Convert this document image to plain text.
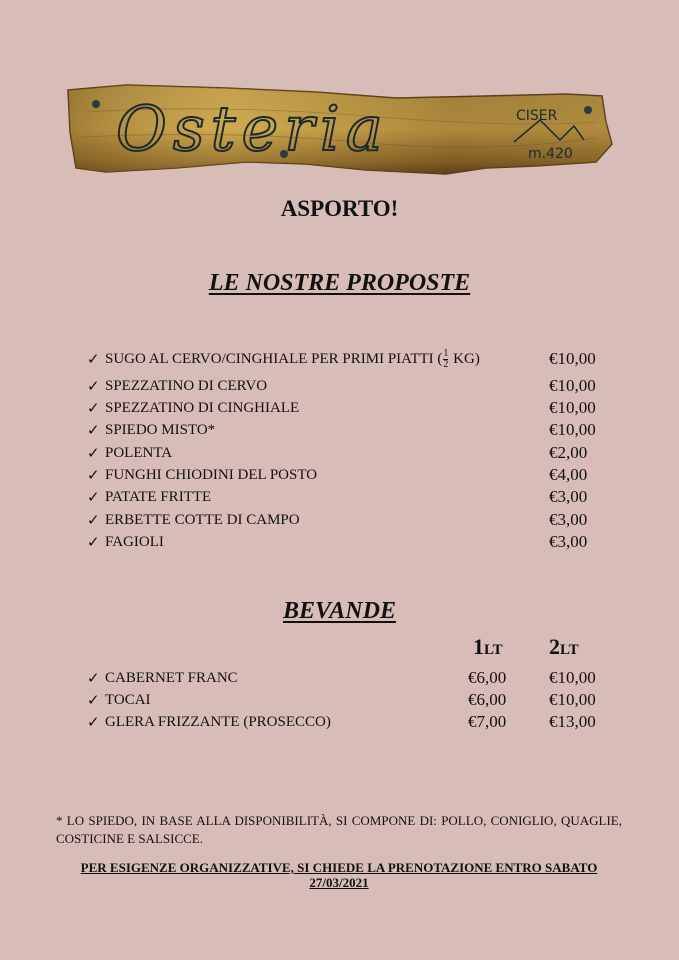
Osteria	CISER
m.420
ASPORTO!
LE NOSTRE PROPOSTE
✓ SUGO AL CERVO/CINGHIALE PER PRIMI PIATTI ( $\frac{1}{2} KG$)	€10,00
✓ SPEZZATINO DI CERVO	€10,00
✓ SPEZZATINO DI CINGHIALE	€10,00
✓ SPIEDO MISTO*	€10,00
✓ POLENTA	€2,00
✓ FUNGHI CHIODINI DEL POSTO	€4,00
✓ PATATE FRITTE	€3,00
✓ ERBETTE COTTE DI CAMPO	€3,00
✓ FAGIOLI	€3,00
BEVANDE
1LT 2LT
✓ CABERNET FRANC	€6,00	€10,00
✓ TOCAI	€6,00	€10,00
✓ GLERA FRIZZANTE (PROSECCO)	€7,00	€13,00
* LO SPIEDO, IN BASE ALLA DISPONIBILITÀ, SI COMPONE DI: POLLO, CONIGLIO, QUAGLIE, COSTICINE E SALSICCE.
PER ESIGENZE ORGANIZZATIVE, SI CHIEDE LA PRENOTAZIONE ENTRO SABATO
27/03/2021
